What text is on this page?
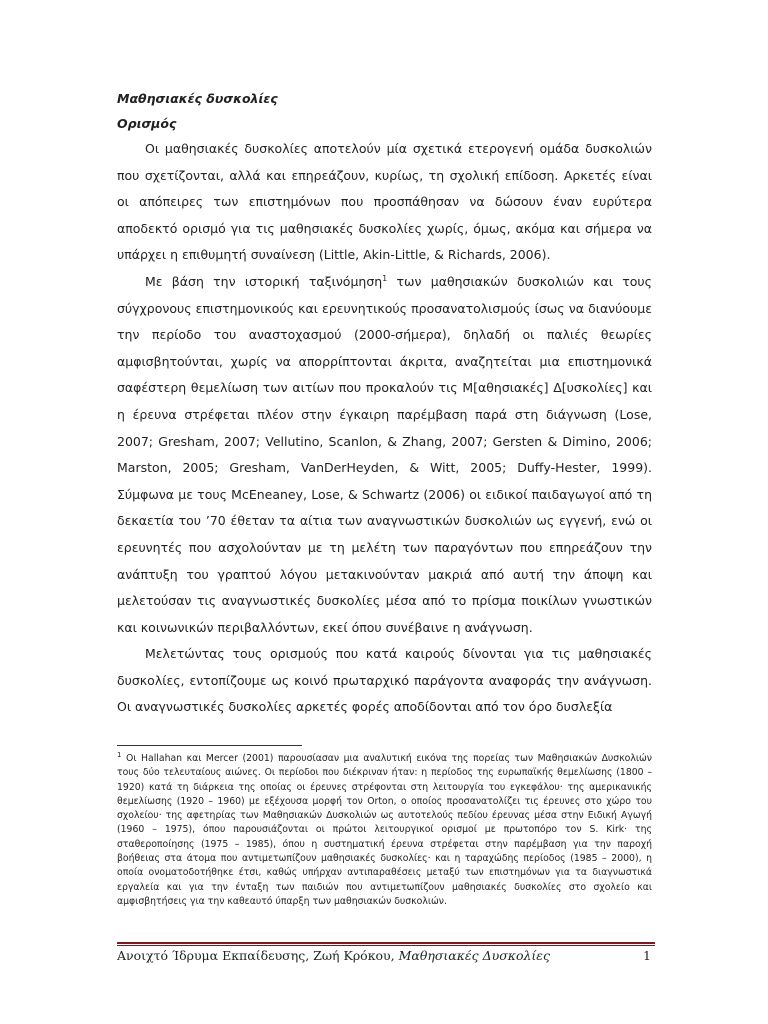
Μαθησιακές δυσκολίες

Ορισμός

Οι μαθησιακές δυσκολίες αποτελούν μία σχετικά ετερογενή ομάδα δυσκολιών που σχετίζονται, αλλά και επηρεάζουν, κυρίως, τη σχολική επίδοση. Αρκετές είναι οι απόπειρες των επιστημόνων που προσπάθησαν να δώσουν έναν ευρύτερα αποδεκτό ορισμό για τις μαθησιακές δυσκολίες χωρίς, όμως, ακόμα και σήμερα να υπάρχει η επιθυμητή συναίνεση (Little, Akin-Little, & Richards, 2006).

Με βάση την ιστορική ταξινόμηση$^1$ των μαθησιακών δυσκολιών και τους σύγχρονους επιστημονικούς και ερευνητικούς προσανατολισμούς ίσως να διανύουμε την περίοδο του αναστοχασμού (2000-σήμερα), δηλαδή οι παλιές θεωρίες αμφισβητούνται, χωρίς να απορρίπτονται άκριτα, αναζητείται μια επιστημονικά σαφέστερη θεμελίωση των αιτίων που προκαλούν τις Μ[αθησιακές] Δ[υσκολίες] και η έρευνα στρέφεται πλέον στην έγκαιρη παρέμβαση παρά στη διάγνωση (Lose, 2007; Gresham, 2007; Vellutino, Scanlon, & Zhang, 2007; Gersten & Dimino, 2006; Marston, 2005; Gresham, VanDerHeyden, & Witt, 2005; Duffy-Hester, 1999). Σύμφωνα με τους McEneaney, Lose, & Schwartz (2006) οι ειδικοί παιδαγωγοί από τη δεκαετία του ’70 έθεταν τα αίτια των αναγνωστικών δυσκολιών ως εγγενή, ενώ οι ερευνητές που ασχολούνταν με τη μελέτη των παραγόντων που επηρεάζουν την ανάπτυξη του γραπτού λόγου μετακινούνταν μακριά από αυτή την άποψη και μελετούσαν τις αναγνωστικές δυσκολίες μέσα από το πρίσμα ποικίλων γνωστικών και κοινωνικών περιβαλλόντων, εκεί όπου συνέβαινε η ανάγνωση.

Μελετώντας τους ορισμούς που κατά καιρούς δίνονται για τις μαθησιακές δυσκολίες, εντοπίζουμε ως κοινό πρωταρχικό παράγοντα αναφοράς την ανάγνωση. Οι αναγνωστικές δυσκολίες αρκετές φορές αποδίδονται από τον όρο δυσλεξία

$^1$ Οι Hallahan και Mercer (2001) παρουσίασαν μια αναλυτική εικόνα της πορείας των Μαθησιακών Δυσκολιών τους δύο τελευταίους αιώνες. Οι περίοδοι που διέκριναν ήταν: η περίοδος της ευρωπαϊκής θεμελίωσης (1800 – 1920) κατά τη διάρκεια της οποίας οι έρευνες στρέφονται στη λειτουργία του εγκεφάλου· της αμερικανικής θεμελίωσης (1920 – 1960) με εξέχουσα μορφή τον Orton, ο οποίος προσανατολίζει τις έρευνες στο χώρο του σχολείου· της αφετηρίας των Μαθησιακών Δυσκολιών ως αυτοτελούς πεδίου έρευνας μέσα στην Ειδική Αγωγή (1960 – 1975), όπου παρουσιάζονται οι πρώτοι λειτουργικοί ορισμοί με πρωτοπόρο τον S. Kirk· της σταθεροποίησης (1975 – 1985), όπου η συστηματική έρευνα στρέφεται στην παρέμβαση για την παροχή βοήθειας στα άτομα που αντιμετωπίζουν μαθησιακές δυσκολίες· και η ταραχώδης περίοδος (1985 – 2000), η οποία ονοματοδοτήθηκε έτσι, καθώς υπήρχαν αντιπαραθέσεις μεταξύ των επιστημόνων για τα διαγνωστικά εργαλεία και για την ένταξη των παιδιών που αντιμετωπίζουν μαθησιακές δυσκολίες στο σχολείο και αμφισβητήσεις για την καθεαυτό ύπαρξη των μαθησιακών δυσκολιών.

Ανοιχτό Ίδρυμα Εκπαίδευσης, Ζωή Κρόκου, Μαθησιακές Δυσκολίες	1
